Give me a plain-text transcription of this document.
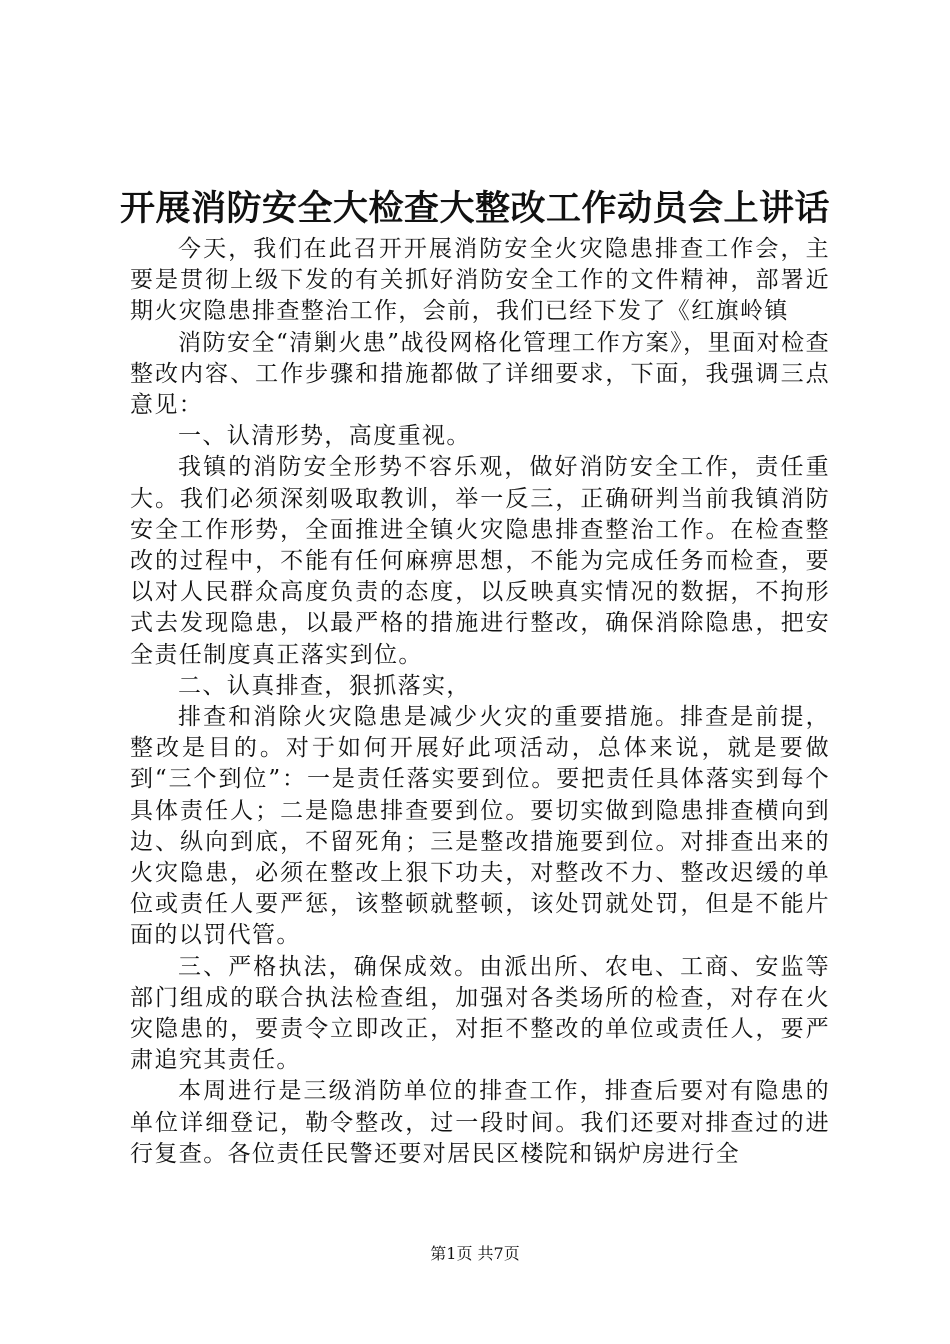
开展消防安全大检查大整改工作动员会上讲话

今天，我们在此召开开展消防安全火灾隐患排查工作会，主要是贯彻上级下发的有关抓好消防安全工作的文件精神，部署近期火灾隐患排查整治工作，会前，我们已经下发了《红旗岭镇

消防安全“清剿火患”战役网格化管理工作方案》，里面对检查整改内容、工作步骤和措施都做了详细要求，下面，我强调三点意见：

一、认清形势，高度重视。

我镇的消防安全形势不容乐观，做好消防安全工作，责任重大。我们必须深刻吸取教训，举一反三，正确研判当前我镇消防安全工作形势，全面推进全镇火灾隐患排查整治工作。在检查整改的过程中，不能有任何麻痹思想，不能为完成任务而检查，要以对人民群众高度负责的态度，以反映真实情况的数据，不拘形式去发现隐患，以最严格的措施进行整改，确保消除隐患，把安全责任制度真正落实到位。

二、认真排查，狠抓落实，

排查和消除火灾隐患是减少火灾的重要措施。排查是前提，整改是目的。对于如何开展好此项活动，总体来说，就是要做到“三个到位”：一是责任落实要到位。要把责任具体落实到每个具体责任人；二是隐患排查要到位。要切实做到隐患排查横向到边、纵向到底，不留死角；三是整改措施要到位。对排查出来的火灾隐患，必须在整改上狠下功夫，对整改不力、整改迟缓的单位或责任人要严惩，该整顿就整顿，该处罚就处罚，但是不能片面的以罚代管。

三、严格执法，确保成效。由派出所、农电、工商、安监等部门组成的联合执法检查组，加强对各类场所的检查，对存在火灾隐患的，要责令立即改正，对拒不整改的单位或责任人，要严肃追究其责任。

本周进行是三级消防单位的排查工作，排查后要对有隐患的单位详细登记，勒令整改，过一段时间。我们还要对排查过的进行复查。各位责任民警还要对居民区楼院和锅炉房进行全

第1页 共7页
